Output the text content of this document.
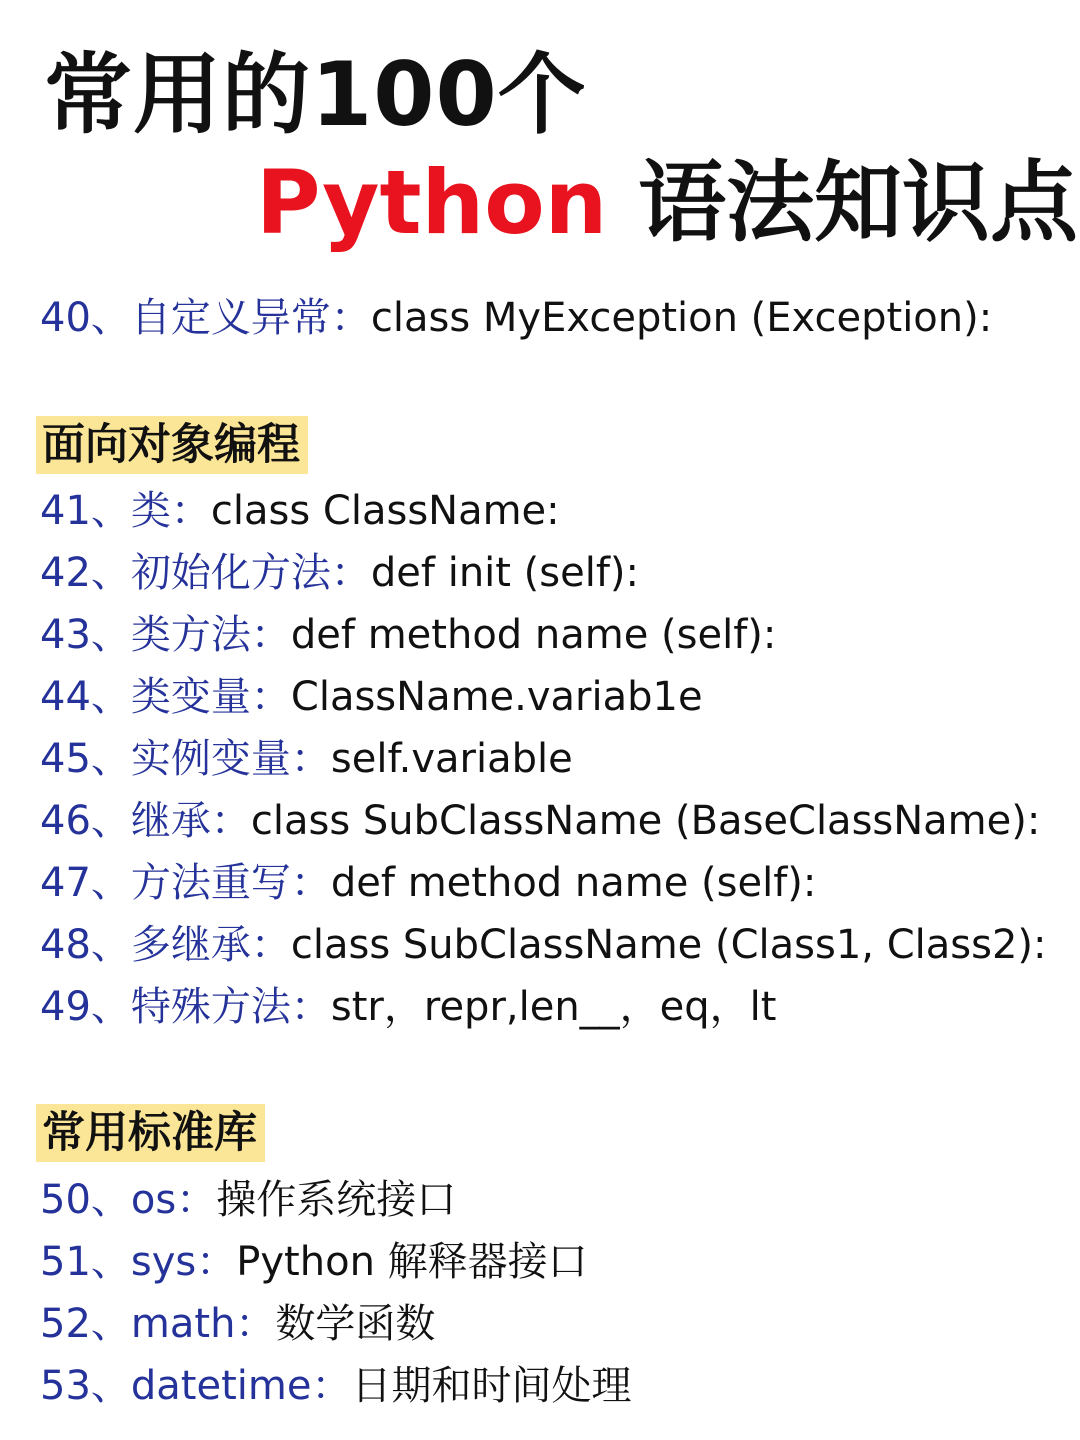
常用的100个
Python 语法知识点
40、自定义异常：class MyException (Exception):
面向对象编程
41、类：class ClassName:
42、初始化方法：def init (self):
43、类方法：def method name (self):
44、类变量：ClassName.variab1e
45、实例变量：self.variable
46、继承：class SubClassName (BaseClassName):
47、方法重写：def method name (self):
48、多继承：class SubClassName (Class1, Class2):
49、特殊方法：str，repr,len__，eq，lt
常用标准库
50、os：操作系统接口
51、sys：Python 解释器接口
52、math：数学函数
53、datetime：日期和时间处理
